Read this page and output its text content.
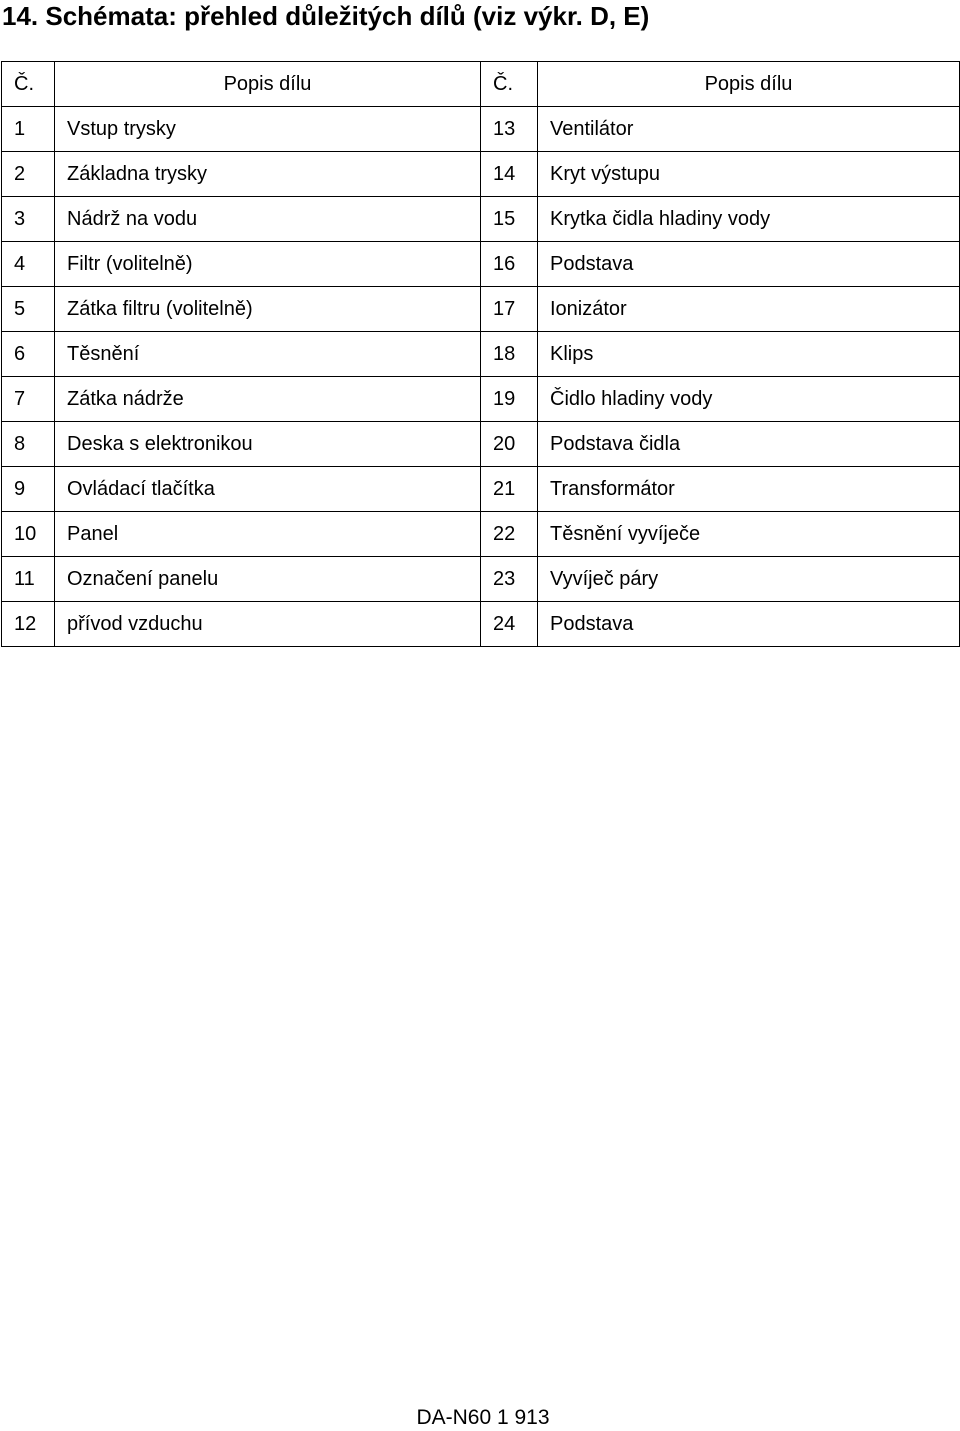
14. Schémata: přehled důležitých dílů (viz výkr. D, E)
Č.	Popis dílu	Č.	Popis dílu
1	Vstup trysky	13	Ventilátor
2	Základna trysky	14	Kryt výstupu
3	Nádrž na vodu	15	Krytka čidla hladiny vody
4	Filtr (volitelně)	16	Podstava
5	Zátka filtru (volitelně)	17	Ionizátor
6	Těsnění	18	Klips
7	Zátka nádrže	19	Čidlo hladiny vody
8	Deska s elektronikou	20	Podstava čidla
9	Ovládací tlačítka	21	Transformátor
10	Panel	22	Těsnění vyvíječe
11	Označení panelu	23	Vyvíječ páry
12	přívod vzduchu	24	Podstava
DA-N60 1 913
